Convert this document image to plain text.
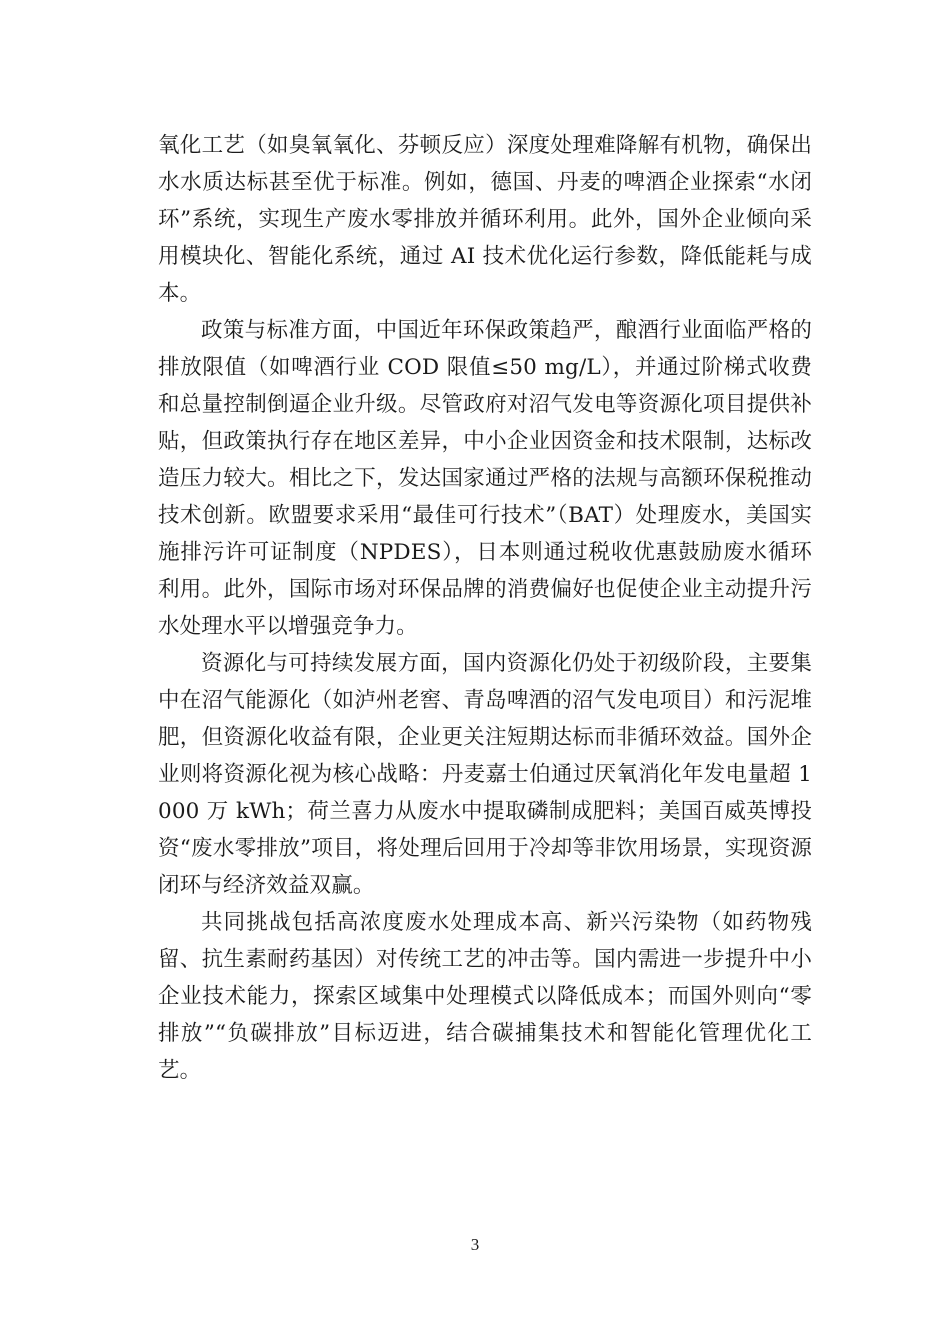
氧化工艺（如臭氧氧化、芬顿反应）深度处理难降解有机物，确保出水水质达标甚至优于标准。例如，德国、丹麦的啤酒企业探索“水闭环”系统，实现生产废水零排放并循环利用。此外，国外企业倾向采用模块化、智能化系统，通过 AI 技术优化运行参数，降低能耗与成本。

政策与标准方面，中国近年环保政策趋严，酿酒行业面临严格的排放限值（如啤酒行业 COD 限值≤50 mg/L），并通过阶梯式收费和总量控制倒逼企业升级。尽管政府对沼气发电等资源化项目提供补贴，但政策执行存在地区差异，中小企业因资金和技术限制，达标改造压力较大。相比之下，发达国家通过严格的法规与高额环保税推动技术创新。欧盟要求采用“最佳可行技术”（BAT）处理废水，美国实施排污许可证制度（NPDES），日本则通过税收优惠鼓励废水循环利用。此外，国际市场对环保品牌的消费偏好也促使企业主动提升污水处理水平以增强竞争力。

资源化与可持续发展方面，国内资源化仍处于初级阶段，主要集中在沼气能源化（如泸州老窖、青岛啤酒的沼气发电项目）和污泥堆肥，但资源化收益有限，企业更关注短期达标而非循环效益。国外企业则将资源化视为核心战略：丹麦嘉士伯通过厌氧消化年发电量超 1000 万 kWh；荷兰喜力从废水中提取磷制成肥料；美国百威英博投资“废水零排放”项目，将处理后回用于冷却等非饮用场景，实现资源闭环与经济效益双赢。

共同挑战包括高浓度废水处理成本高、新兴污染物（如药物残留、抗生素耐药基因）对传统工艺的冲击等。国内需进一步提升中小企业技术能力，探索区域集中处理模式以降低成本；而国外则向“零排放”“负碳排放”目标迈进，结合碳捕集技术和智能化管理优化工艺。

3
